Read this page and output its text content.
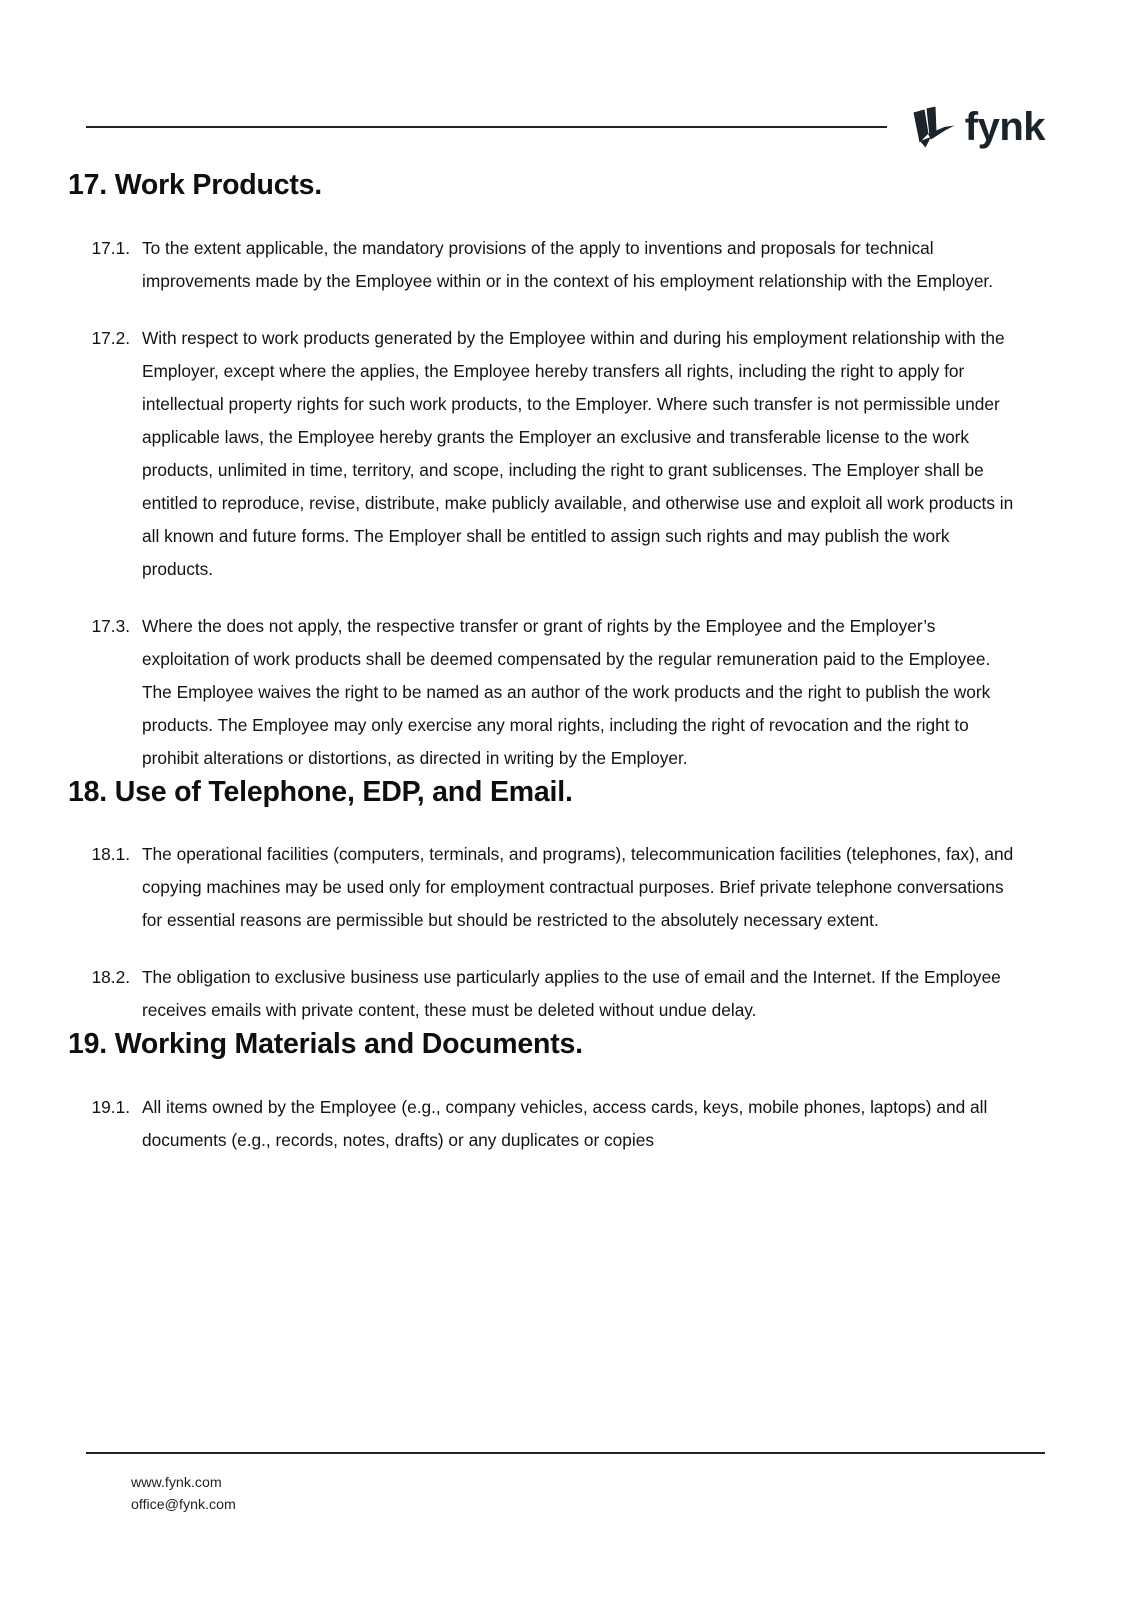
fynk
17. Work Products.
17.1. To the extent applicable, the mandatory provisions of the apply to inventions and proposals for technical improvements made by the Employee within or in the context of his employment relationship with the Employer.
17.2. With respect to work products generated by the Employee within and during his employment relationship with the Employer, except where the applies, the Employee hereby transfers all rights, including the right to apply for intellectual property rights for such work products, to the Employer. Where such transfer is not permissible under applicable laws, the Employee hereby grants the Employer an exclusive and transferable license to the work products, unlimited in time, territory, and scope, including the right to grant sublicenses. The Employer shall be entitled to reproduce, revise, distribute, make publicly available, and otherwise use and exploit all work products in all known and future forms. The Employer shall be entitled to assign such rights and may publish the work products.
17.3. Where the does not apply, the respective transfer or grant of rights by the Employee and the Employer’s exploitation of work products shall be deemed compensated by the regular remuneration paid to the Employee. The Employee waives the right to be named as an author of the work products and the right to publish the work products. The Employee may only exercise any moral rights, including the right of revocation and the right to prohibit alterations or distortions, as directed in writing by the Employer.
18. Use of Telephone, EDP, and Email.
18.1. The operational facilities (computers, terminals, and programs), telecommunication facilities (telephones, fax), and copying machines may be used only for employment contractual purposes. Brief private telephone conversations for essential reasons are permissible but should be restricted to the absolutely necessary extent.
18.2. The obligation to exclusive business use particularly applies to the use of email and the Internet. If the Employee receives emails with private content, these must be deleted without undue delay.
19. Working Materials and Documents.
19.1. All items owned by the Employee (e.g., company vehicles, access cards, keys, mobile phones, laptops) and all documents (e.g., records, notes, drafts) or any duplicates or copies
www.fynk.com
office@fynk.com
